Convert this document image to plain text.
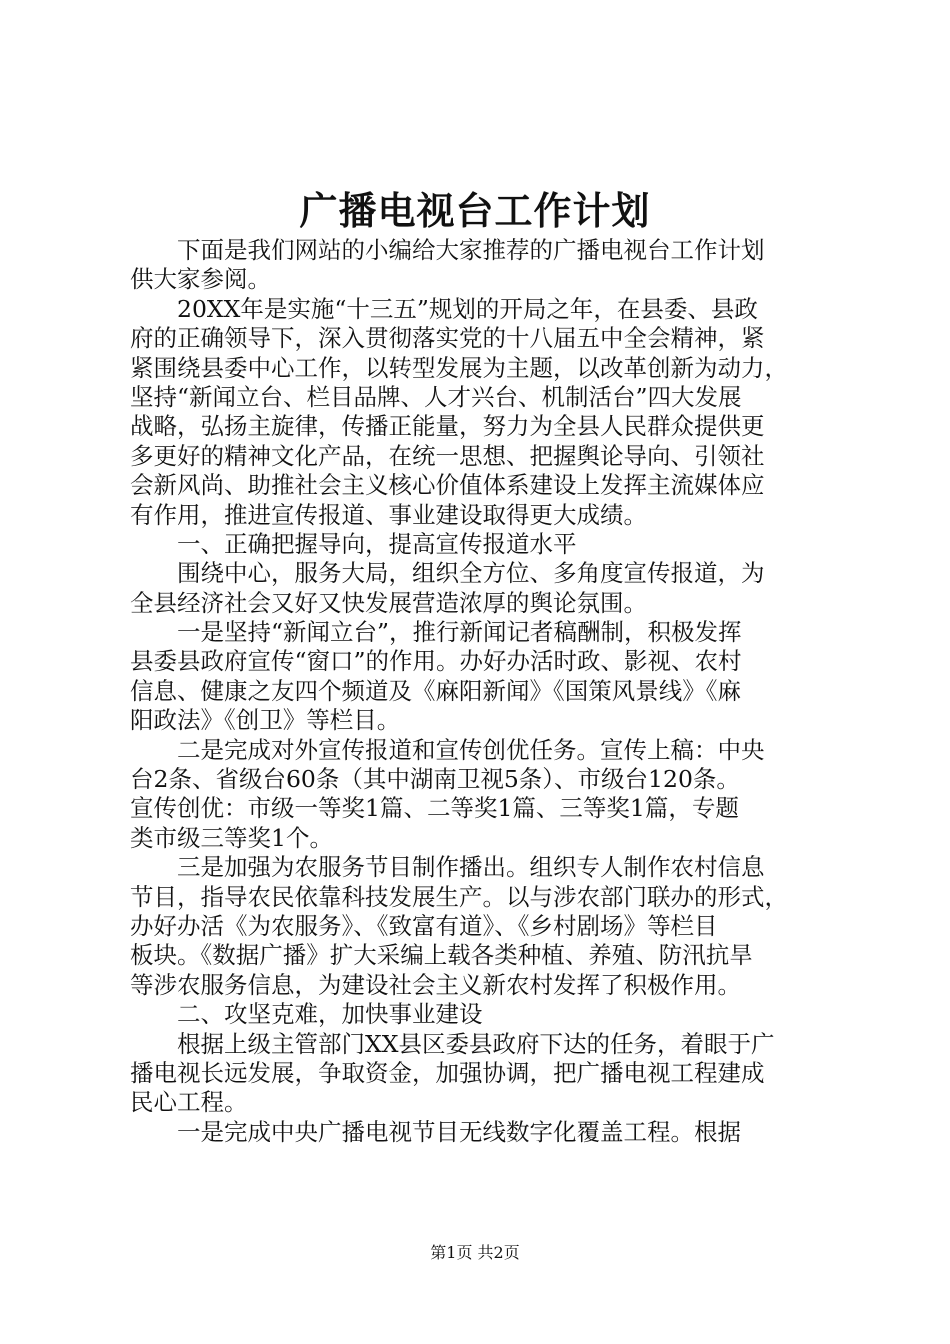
广播电视台工作计划
　　下面是我们网站的小编给大家推荐的广播电视台工作计划
供大家参阅。
　　20XX年是实施“十三五”规划的开局之年，在县委、县政
府的正确领导下，深入贯彻落实党的十八届五中全会精神，紧
紧围绕县委中心工作，以转型发展为主题，以改革创新为动力，
坚持“新闻立台、栏目品牌、人才兴台、机制活台”四大发展
战略，弘扬主旋律，传播正能量，努力为全县人民群众提供更
多更好的精神文化产品，在统一思想、把握舆论导向、引领社
会新风尚、助推社会主义核心价值体系建设上发挥主流媒体应
有作用，推进宣传报道、事业建设取得更大成绩。
　　一、正确把握导向，提高宣传报道水平
　　围绕中心，服务大局，组织全方位、多角度宣传报道，为
全县经济社会又好又快发展营造浓厚的舆论氛围。
　　一是坚持“新闻立台”，推行新闻记者稿酬制，积极发挥
县委县政府宣传“窗口”的作用。办好办活时政、影视、农村
信息、健康之友四个频道及《麻阳新闻》《国策风景线》《麻
阳政法》《创卫》等栏目。
　　二是完成对外宣传报道和宣传创优任务。宣传上稿：中央
台2条、省级台60条（其中湖南卫视5条）、市级台120条。
宣传创优：市级一等奖1篇、二等奖1篇、三等奖1篇，专题
类市级三等奖1个。
　　三是加强为农服务节目制作播出。组织专人制作农村信息
节目，指导农民依靠科技发展生产。以与涉农部门联办的形式，
办好办活《为农服务》、《致富有道》、《乡村剧场》等栏目
板块。《数据广播》扩大采编上载各类种植、养殖、防汛抗旱
等涉农服务信息，为建设社会主义新农村发挥了积极作用。
　　二、攻坚克难，加快事业建设
　　根据上级主管部门XX县区委县政府下达的任务，着眼于广
播电视长远发展，争取资金，加强协调，把广播电视工程建成
民心工程。
　　一是完成中央广播电视节目无线数字化覆盖工程。根据
第1页 共2页
